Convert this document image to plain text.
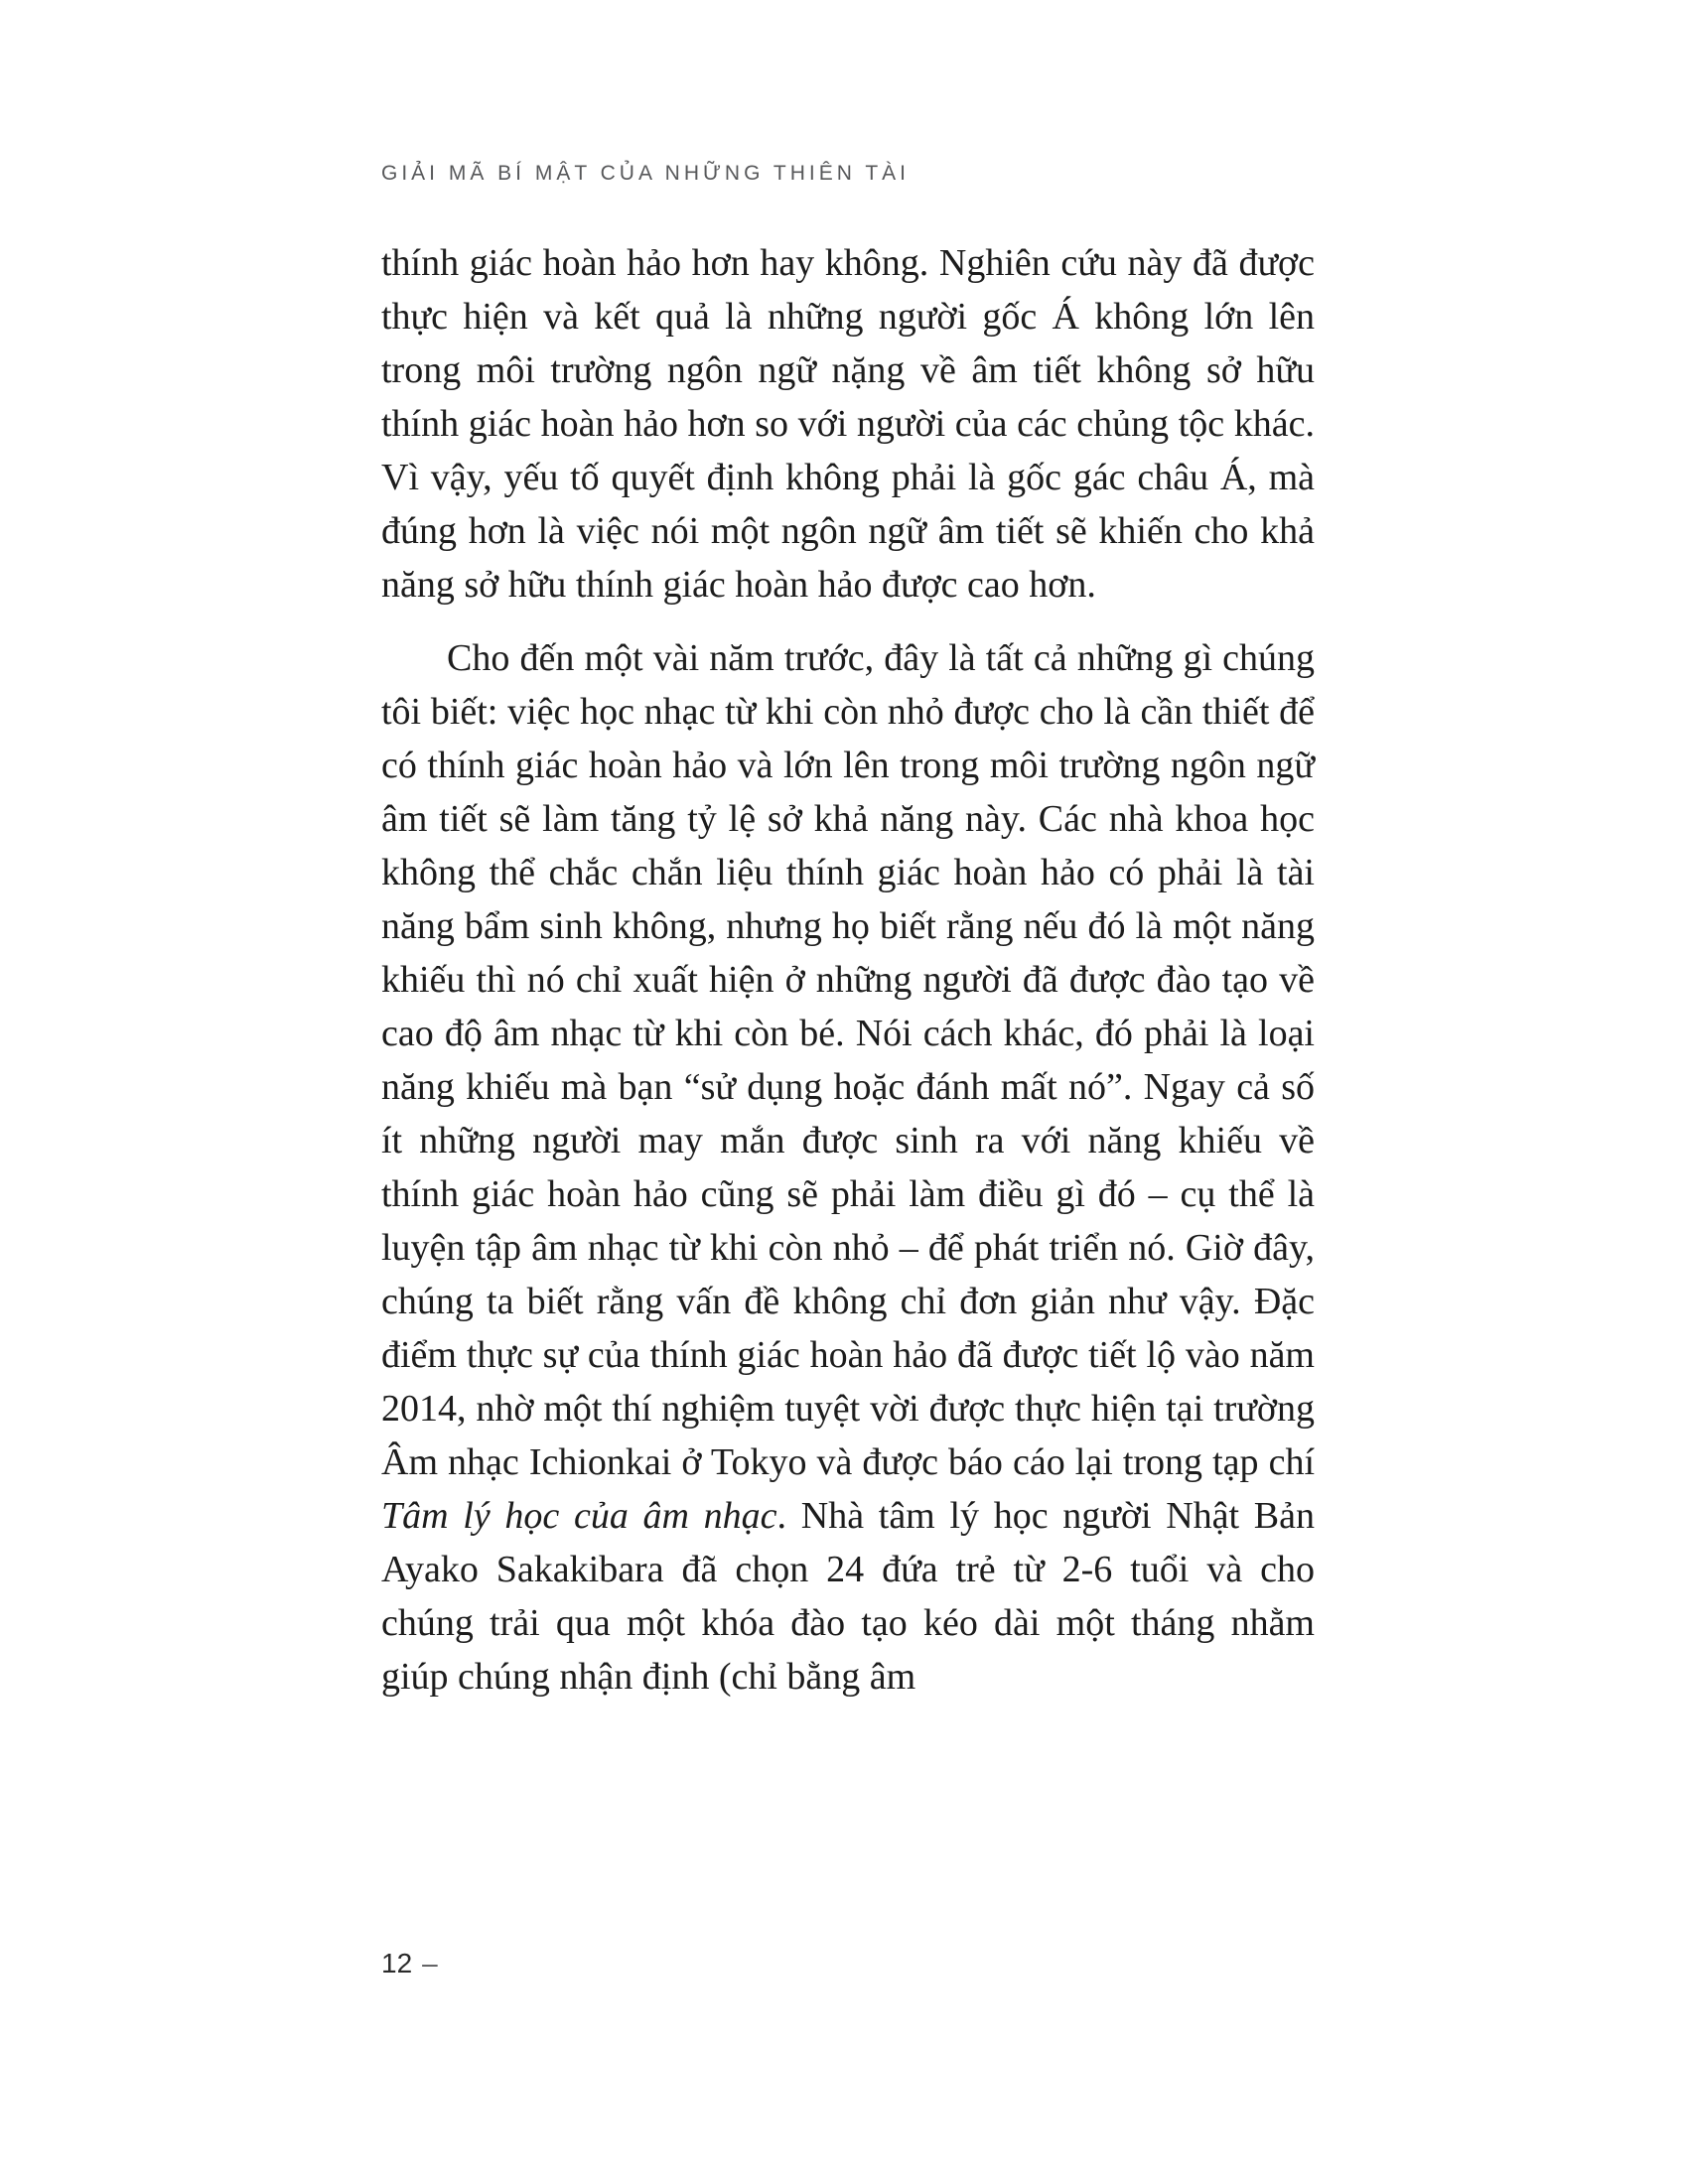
GIẢI MÃ BÍ MẬT CỦA NHỮNG THIÊN TÀI

thính giác hoàn hảo hơn hay không. Nghiên cứu này đã được thực hiện và kết quả là những người gốc Á không lớn lên trong môi trường ngôn ngữ nặng về âm tiết không sở hữu thính giác hoàn hảo hơn so với người của các chủng tộc khác. Vì vậy, yếu tố quyết định không phải là gốc gác châu Á, mà đúng hơn là việc nói một ngôn ngữ âm tiết sẽ khiến cho khả năng sở hữu thính giác hoàn hảo được cao hơn.

Cho đến một vài năm trước, đây là tất cả những gì chúng tôi biết: việc học nhạc từ khi còn nhỏ được cho là cần thiết để có thính giác hoàn hảo và lớn lên trong môi trường ngôn ngữ âm tiết sẽ làm tăng tỷ lệ sở khả năng này. Các nhà khoa học không thể chắc chắn liệu thính giác hoàn hảo có phải là tài năng bẩm sinh không, nhưng họ biết rằng nếu đó là một năng khiếu thì nó chỉ xuất hiện ở những người đã được đào tạo về cao độ âm nhạc từ khi còn bé. Nói cách khác, đó phải là loại năng khiếu mà bạn “sử dụng hoặc đánh mất nó”. Ngay cả số ít những người may mắn được sinh ra với năng khiếu về thính giác hoàn hảo cũng sẽ phải làm điều gì đó – cụ thể là luyện tập âm nhạc từ khi còn nhỏ – để phát triển nó. Giờ đây, chúng ta biết rằng vấn đề không chỉ đơn giản như vậy. Đặc điểm thực sự của thính giác hoàn hảo đã được tiết lộ vào năm 2014, nhờ một thí nghiệm tuyệt vời được thực hiện tại trường Âm nhạc Ichionkai ở Tokyo và được báo cáo lại trong tạp chí Tâm lý học của âm nhạc. Nhà tâm lý học người Nhật Bản Ayako Sakakibara đã chọn 24 đứa trẻ từ 2-6 tuổi và cho chúng trải qua một khóa đào tạo kéo dài một tháng nhằm giúp chúng nhận định (chỉ bằng âm

12 –
